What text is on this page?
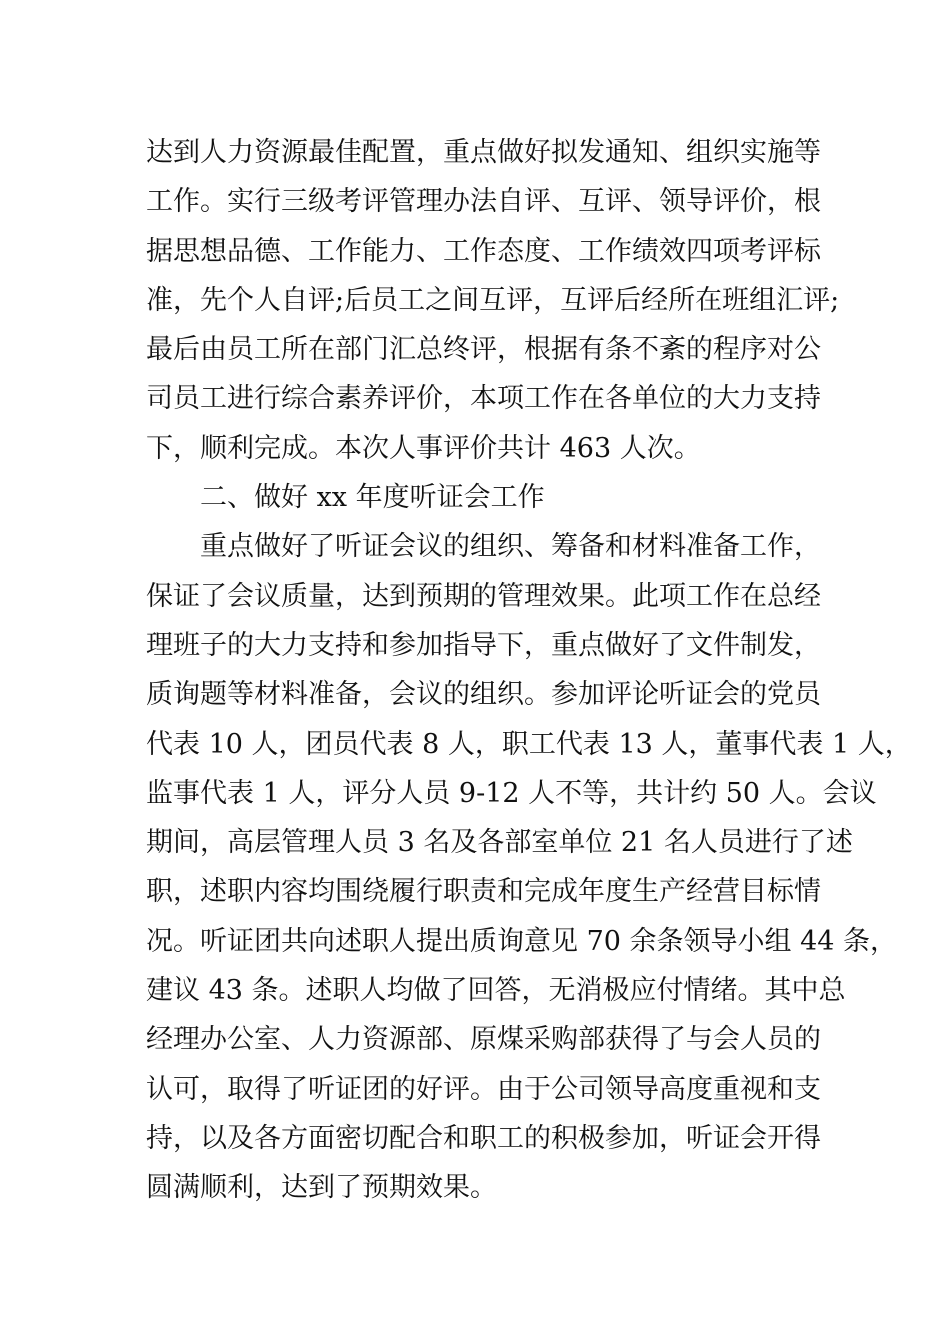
达到人力资源最佳配置，重点做好拟发通知、组织实施等
工作。实行三级考评管理办法自评、互评、领导评价，根
据思想品德、工作能力、工作态度、工作绩效四项考评标
准，先个人自评;后员工之间互评，互评后经所在班组汇评;
最后由员工所在部门汇总终评，根据有条不紊的程序对公
司员工进行综合素养评价，本项工作在各单位的大力支持
下，顺利完成。本次人事评价共计 463 人次。
二、做好 xx 年度听证会工作
重点做好了听证会议的组织、筹备和材料准备工作，
保证了会议质量，达到预期的管理效果。此项工作在总经
理班子的大力支持和参加指导下，重点做好了文件制发，
质询题等材料准备，会议的组织。参加评论听证会的党员
代表 10 人，团员代表 8 人，职工代表 13 人，董事代表 1 人，
监事代表 1 人，评分人员 9-12 人不等，共计约 50 人。会议
期间，高层管理人员 3 名及各部室单位 21 名人员进行了述
职，述职内容均围绕履行职责和完成年度生产经营目标情
况。听证团共向述职人提出质询意见 70 余条领导小组 44 条，
建议 43 条。述职人均做了回答，无消极应付情绪。其中总
经理办公室、人力资源部、原煤采购部获得了与会人员的
认可，取得了听证团的好评。由于公司领导高度重视和支
持，以及各方面密切配合和职工的积极参加，听证会开得
圆满顺利，达到了预期效果。
